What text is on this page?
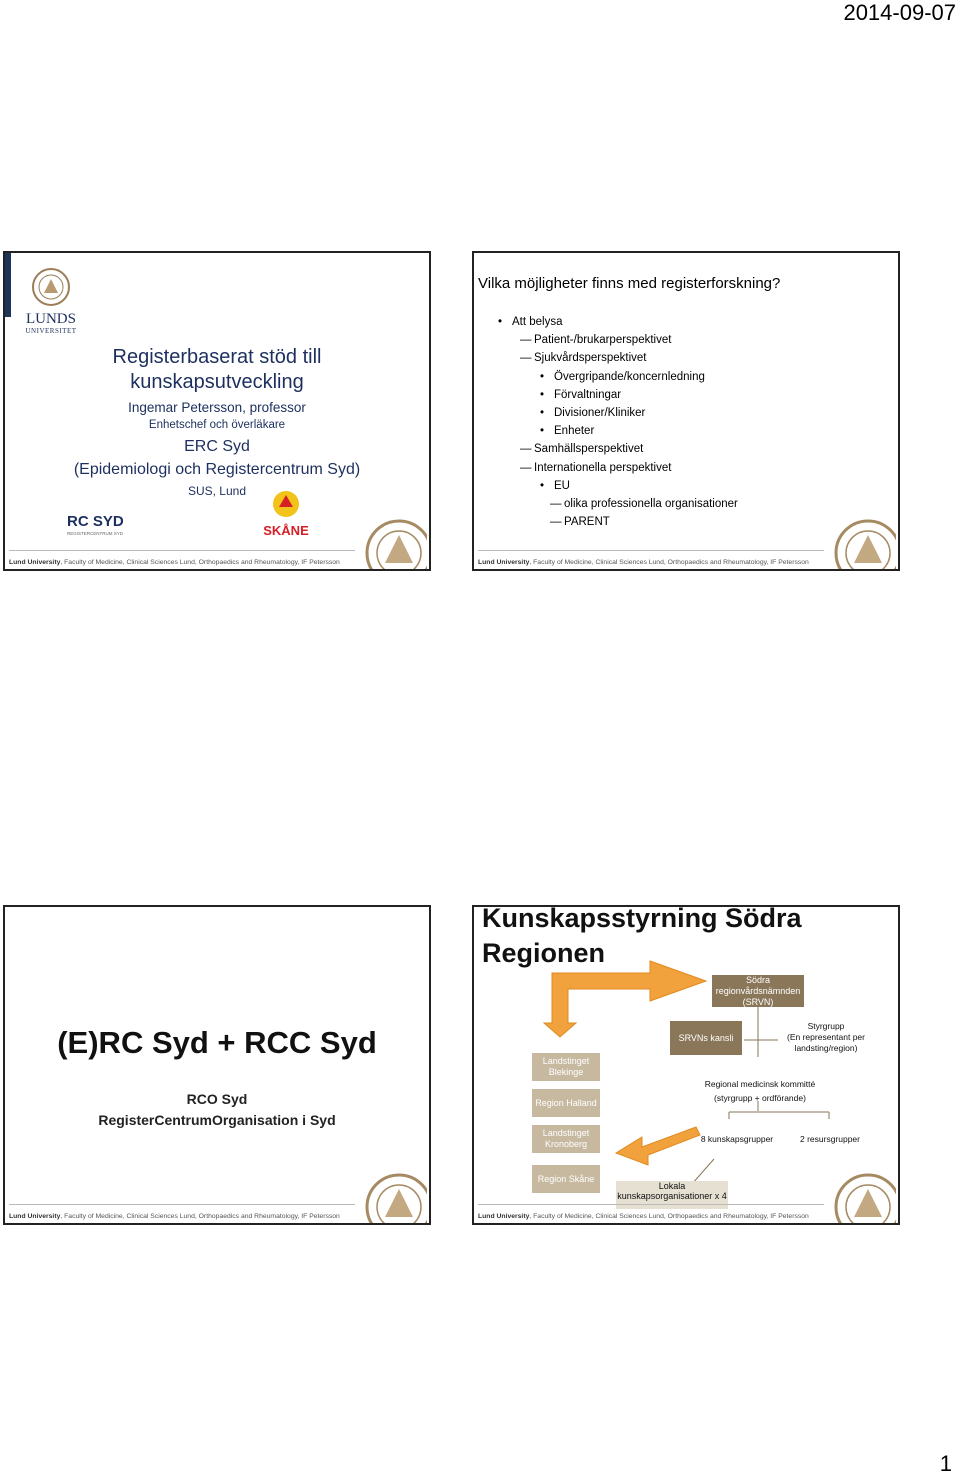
2014-09-07
LUNDS
UNIVERSITET
Registerbaserat stöd till
kunskapsutveckling
Ingemar Petersson, professor
Enhetschef och överläkare
ERC Syd
(Epidemiologi och Registercentrum Syd)
SUS, Lund
RC SYD
REGISTERCENTRUM SYD	SKÅNE
Lund University, Faculty of Medicine, Clinical Sciences Lund, Orthopaedics and Rheumatology, IF Petersson
Vilka möjligheter finns med registerforskning?
• Att belysa
— Patient-/brukarperspektivet
— Sjukvårdsperspektivet
• Övergripande/koncernledning
• Förvaltningar
• Divisioner/Kliniker
• Enheter
— Samhällsperspektivet
— Internationella perspektivet
• EU
— olika professionella organisationer
— PARENT
Lund University, Faculty of Medicine, Clinical Sciences Lund, Orthopaedics and Rheumatology, IF Petersson
(E)RC Syd + RCC Syd
RCO Syd
RegisterCentrumOrganisation i Syd
Lund University, Faculty of Medicine, Clinical Sciences Lund, Orthopaedics and Rheumatology, IF Petersson
Kunskapsstyrning Södra
Regionen
Södra regionvårdsnämnden (SRVN)
SRVNs kansli
Styrgrupp
(En representant per landsting/region)
Regional medicinsk kommitté
(styrgrupp + ordförande)
8 kunskapsgrupper	2 resursgrupper
Landstinget Blekinge
Region Halland
Landstinget Kronoberg
Region Skåne
Lokala kunskapsorganisationer x 4
Lund University, Faculty of Medicine, Clinical Sciences Lund, Orthopaedics and Rheumatology, IF Petersson
1
